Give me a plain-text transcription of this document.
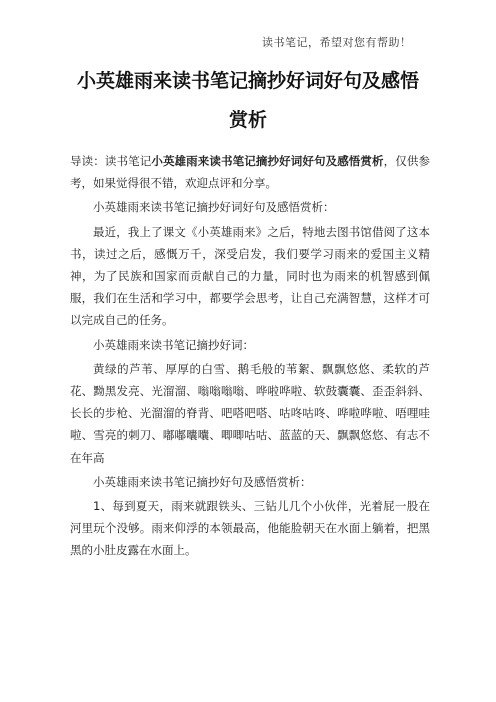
读书笔记，希望对您有帮助！
小英雄雨来读书笔记摘抄好词好句及感悟
赏析

导读：读书笔记小英雄雨来读书笔记摘抄好词好句及感悟赏析，仅供参考，如果觉得很不错，欢迎点评和分享。

小英雄雨来读书笔记摘抄好词好句及感悟赏析：

最近，我上了课文《小英雄雨来》之后，特地去图书馆借阅了这本书，读过之后，感慨万千，深受启发，我们要学习雨来的爱国主义精神，为了民族和国家而贡献自己的力量，同时也为雨来的机智感到佩服，我们在生活和学习中，都要学会思考，让自己充满智慧，这样才可以完成自己的任务。

小英雄雨来读书笔记摘抄好词：

黄绿的芦苇、厚厚的白雪、鹅毛般的苇絮、飘飘悠悠、柔软的芦花、黝黑发亮、光溜溜、嗡嗡嗡嗡、哗啦哗啦、软鼓囊囊、歪歪斜斜、长长的步枪、光溜溜的脊背、吧嗒吧嗒、咕咚咕咚、哗啦哗啦、唔哩哇啦、雪亮的刺刀、嘟嘟囔囔、唧唧咕咕、蓝蓝的天、飘飘悠悠、有志不在年高

小英雄雨来读书笔记摘抄好句及感悟赏析：

1、每到夏天，雨来就跟铁头、三钻儿几个小伙伴，光着屁一股在河里玩个没够。雨来仰浮的本领最高，他能脸朝天在水面上躺着，把黑黑的小肚皮露在水面上。
